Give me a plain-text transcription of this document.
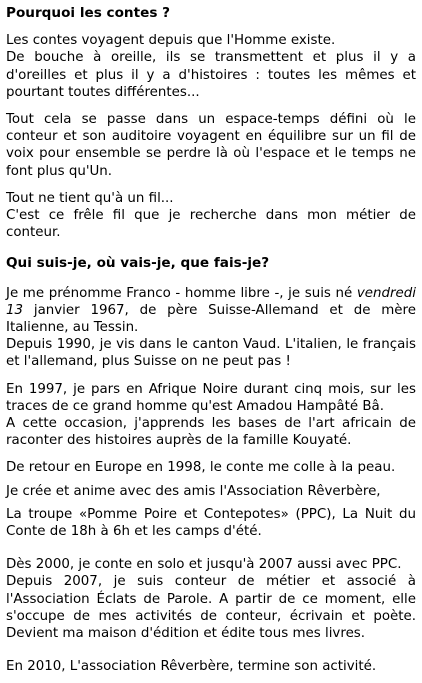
Pourquoi les contes ?

Les contes voyagent depuis que l'Homme existe.

De bouche à oreille, ils se transmettent et plus il y a d'oreilles et plus il y a d'histoires : toutes les mêmes et pourtant toutes différentes...

Tout cela se passe dans un espace-temps défini où le conteur et son auditoire voyagent en équilibre sur un fil de voix pour ensemble se perdre là où l'espace et le temps ne font plus qu'Un.

Tout ne tient qu'à un fil...

C'est ce frêle fil que je recherche dans mon métier de conteur.

Qui suis-je, où vais-je, que fais-je?

Je me prénomme Franco - homme libre -, je suis né vendredi 13 janvier 1967, de père Suisse-Allemand et de mère Italienne, au Tessin.

Depuis 1990, je vis dans le canton Vaud. L'italien, le français et l'allemand, plus Suisse on ne peut pas !

En 1997, je pars en Afrique Noire durant cinq mois, sur les traces de ce grand homme qu'est Amadou Hampâté Bâ.

A cette occasion, j'apprends les bases de l'art africain de raconter des histoires auprès de la famille Kouyaté.

De retour en Europe en 1998, le conte me colle à la peau.

Je crée et anime avec des amis l'Association Rêverbère,

La troupe «Pomme Poire et Contepotes» (PPC), La Nuit du Conte de 18h à 6h et les camps d'été.

Dès 2000, je conte en solo et jusqu'à 2007 aussi avec PPC.

Depuis 2007, je suis conteur de métier et associé à l'Association Éclats de Parole. A partir de ce moment, elle s'occupe de mes activités de conteur, écrivain et poète. Devient ma maison d'édition et édite tous mes livres.

En 2010, L'association Rêverbère, termine son activité.
